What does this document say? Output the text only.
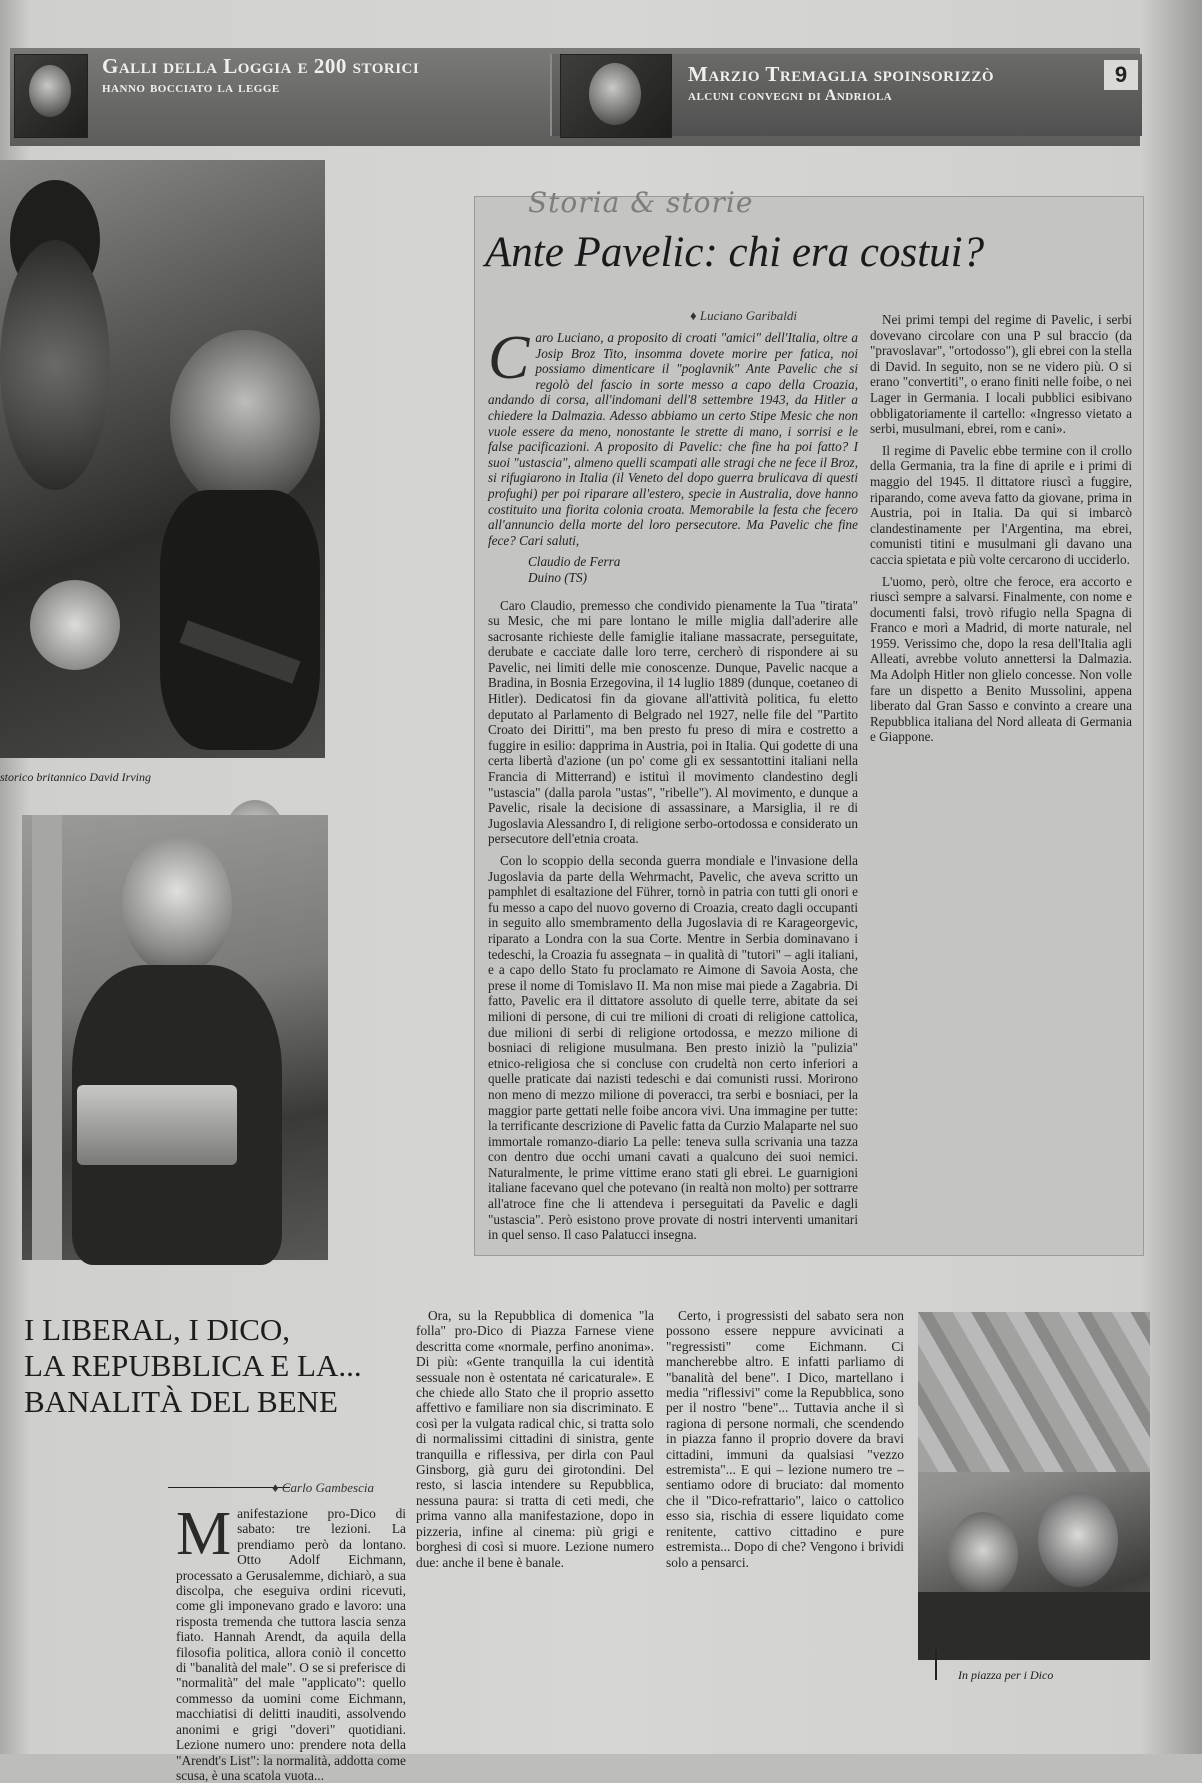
Galli della Loggia e 200 storici
hanno bocciato la legge
Marzio Tremaglia spoinsorizzò
alcuni convegni di Andriola
9
storico britannico David Irving
Storia & storie
Ante Pavelic: chi era costui?
♦ Luciano Garibaldi

Caro Luciano, a proposito di croati "amici" dell'Italia, oltre a Josip Broz Tito, insomma dovete morire per fatica, noi possiamo dimenticare il "poglavnik" Ante Pavelic che si regolò del fascio in sorte messo a capo della Croazia, andando di corsa, all'indomani dell'8 settembre 1943, da Hitler a chiedere la Dalmazia. Adesso abbiamo un certo Stipe Mesic che non vuole essere da meno, nonostante le strette di mano, i sorrisi e le false pacificazioni. A proposito di Pavelic: che fine ha poi fatto? I suoi "ustascia", almeno quelli scampati alle stragi che ne fece il Broz, si rifugiarono in Italia (il Veneto del dopo guerra brulicava di questi profughi) per poi riparare all'estero, specie in Australia, dove hanno costituito una fiorita colonia croata. Memorabile la festa che fecero all'annuncio della morte del loro persecutore. Ma Pavelic che fine fece? Cari saluti,

Claudio de Ferra

Duino (TS)

Caro Claudio, premesso che condivido pienamente la Tua "tirata" su Mesic, che mi pare lontano le mille miglia dall'aderire alle sacrosante richieste delle famiglie italiane massacrate, perseguitate, derubate e cacciate dalle loro terre, cercherò di rispondere ai su Pavelic, nei limiti delle mie conoscenze. Dunque, Pavelic nacque a Bradina, in Bosnia Erzegovina, il 14 luglio 1889 (dunque, coetaneo di Hitler). Dedicatosi fin da giovane all'attività politica, fu eletto deputato al Parlamento di Belgrado nel 1927, nelle file del "Partito Croato dei Diritti", ma ben presto fu preso di mira e costretto a fuggire in esilio: dapprima in Austria, poi in Italia. Qui godette di una certa libertà d'azione (un po' come gli ex sessantottini italiani nella Francia di Mitterrand) e istituì il movimento clandestino degli "ustascia" (dalla parola "ustas", "ribelle"). Al movimento, e dunque a Pavelic, risale la decisione di assassinare, a Marsiglia, il re di Jugoslavia Alessandro I, di religione serbo-ortodossa e considerato un persecutore dell'etnia croata.

Con lo scoppio della seconda guerra mondiale e l'invasione della Jugoslavia da parte della Wehrmacht, Pavelic, che aveva scritto un pamphlet di esaltazione del Führer, tornò in patria con tutti gli onori e fu messo a capo del nuovo governo di Croazia, creato dagli occupanti in seguito allo smembramento della Jugoslavia di re Karageorgevic, riparato a Londra con la sua Corte. Mentre in Serbia dominavano i tedeschi, la Croazia fu assegnata – in qualità di "tutori" – agli italiani, e a capo dello Stato fu proclamato re Aimone di Savoia Aosta, che prese il nome di Tomislavo II. Ma non mise mai piede a Zagabria. Di fatto, Pavelic era il dittatore assoluto di quelle terre, abitate da sei milioni di persone, di cui tre milioni di croati di religione cattolica, due milioni di serbi di religione ortodossa, e mezzo milione di bosniaci di religione musulmana. Ben presto iniziò la "pulizia" etnico-religiosa che si concluse con crudeltà non certo inferiori a quelle praticate dai nazisti tedeschi e dai comunisti russi. Morirono non meno di mezzo milione di poveracci, tra serbi e bosniaci, per la maggior parte gettati nelle foibe ancora vivi. Una immagine per tutte: la terrificante descrizione di Pavelic fatta da Curzio Malaparte nel suo immortale romanzo-diario La pelle: teneva sulla scrivania una tazza con dentro due occhi umani cavati a qualcuno dei suoi nemici. Naturalmente, le prime vittime erano stati gli ebrei. Le guarnigioni italiane facevano quel che potevano (in realtà non molto) per sottrarre all'atroce fine che li attendeva i perseguitati da Pavelic e dagli "ustascia". Però esistono prove provate di nostri interventi umanitari in quel senso. Il caso Palatucci insegna.

Nei primi tempi del regime di Pavelic, i serbi dovevano circolare con una P sul braccio (da "pravoslavar", "ortodosso"), gli ebrei con la stella di David. In seguito, non se ne videro più. O si erano "convertiti", o erano finiti nelle foibe, o nei Lager in Germania. I locali pubblici esibivano obbligatoriamente il cartello: «Ingresso vietato a serbi, musulmani, ebrei, rom e cani».

Il regime di Pavelic ebbe termine con il crollo della Germania, tra la fine di aprile e i primi di maggio del 1945. Il dittatore riuscì a fuggire, riparando, come aveva fatto da giovane, prima in Austria, poi in Italia. Da qui si imbarcò clandestinamente per l'Argentina, ma ebrei, comunisti titini e musulmani gli davano una caccia spietata e più volte cercarono di ucciderlo.

L'uomo, però, oltre che feroce, era accorto e riuscì sempre a salvarsi. Finalmente, con nome e documenti falsi, trovò rifugio nella Spagna di Franco e morì a Madrid, di morte naturale, nel 1959. Verissimo che, dopo la resa dell'Italia agli Alleati, avrebbe voluto annettersi la Dalmazia. Ma Adolph Hitler non glielo concesse. Non volle fare un dispetto a Benito Mussolini, appena liberato dal Gran Sasso e convinto a creare una Repubblica italiana del Nord alleata di Germania e Giappone.

I LIBERAL, I DICO,
LA REPUBBLICA E LA...
BANALITÀ DEL BENE
♦ Carlo Gambescia

Manifestazione pro-Dico di sabato: tre lezioni. La prendiamo però da lontano. Otto Adolf Eichmann, processato a Gerusalemme, dichiarò, a sua discolpa, che eseguiva ordini ricevuti, come gli imponevano grado e lavoro: una risposta tremenda che tuttora lascia senza fiato. Hannah Arendt, da aquila della filosofia politica, allora coniò il concetto di "banalità del male". O se si preferisce di "normalità" del male "applicato": quello commesso da uomini come Eichmann, macchiatisi di delitti inauditi, assolvendo anonimi e grigi "doveri" quotidiani. Lezione numero uno: prendere nota della "Arendt's List": la normalità, addotta come scusa, è una scatola vuota...

Ora, su la Repubblica di domenica "la folla" pro-Dico di Piazza Farnese viene descritta come «normale, perfino anonima». Di più: «Gente tranquilla la cui identità sessuale non è ostentata né caricaturale». E che chiede allo Stato che il proprio assetto affettivo e familiare non sia discriminato. E così per la vulgata radical chic, si tratta solo di normalissimi cittadini di sinistra, gente tranquilla e riflessiva, per dirla con Paul Ginsborg, già guru dei girotondini. Del resto, si lascia intendere su Repubblica, nessuna paura: si tratta di ceti medi, che prima vanno alla manifestazione, dopo in pizzeria, infine al cinema: più grigi e borghesi di così si muore. Lezione numero due: anche il bene è banale.

Certo, i progressisti del sabato sera non possono essere neppure avvicinati a "regressisti" come Eichmann. Ci mancherebbe altro. E infatti parliamo di "banalità del bene". I Dico, martellano i media "riflessivi" come la Repubblica, sono per il nostro "bene"... Tuttavia anche il sì ragiona di persone normali, che scendendo in piazza fanno il proprio dovere da bravi cittadini, immuni da qualsiasi "vezzo estremista"... E qui – lezione numero tre – sentiamo odore di bruciato: dal momento che il "Dico-refrattario", laico o cattolico esso sia, rischia di essere liquidato come renitente, cattivo cittadino e pure estremista... Dopo di che? Vengono i brividi solo a pensarci.

In piazza per i Dico
